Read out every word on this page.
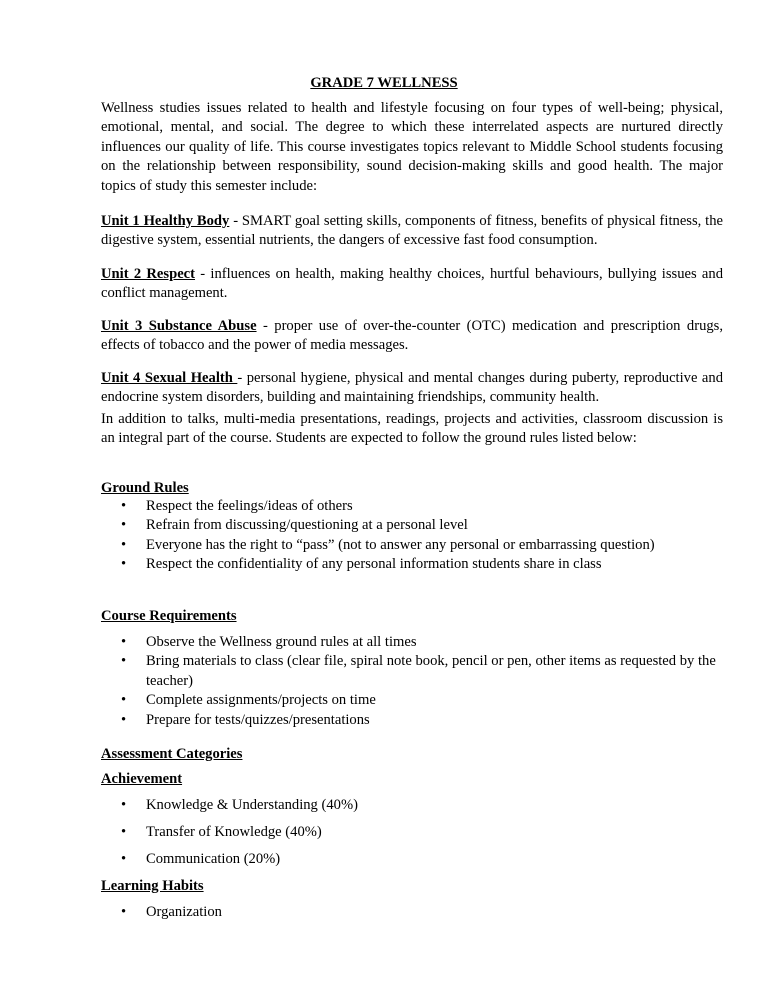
GRADE 7 WELLNESS

Wellness studies issues related to health and lifestyle focusing on four types of well-being; physical, emotional, mental, and social. The degree to which these interrelated aspects are nurtured directly influences our quality of life. This course investigates topics relevant to Middle School students focusing on the relationship between responsibility, sound decision-making skills and good health. The major topics of study this semester include:

Unit 1 Healthy Body - SMART goal setting skills, components of fitness, benefits of physical fitness, the digestive system, essential nutrients, the dangers of excessive fast food consumption.

Unit 2 Respect - influences on health, making healthy choices, hurtful behaviours, bullying issues and conflict management.

Unit 3 Substance Abuse - proper use of over-the-counter (OTC) medication and prescription drugs, effects of tobacco and the power of media messages.

Unit 4 Sexual Health - personal hygiene, physical and mental changes during puberty, reproductive and endocrine system disorders, building and maintaining friendships, community health.

In addition to talks, multi-media presentations, readings, projects and activities, classroom discussion is an integral part of the course. Students are expected to follow the ground rules listed below:

Ground Rules
• Respect the feelings/ideas of others
• Refrain from discussing/questioning at a personal level
• Everyone has the right to “pass” (not to answer any personal or embarrassing question)
• Respect the confidentiality of any personal information students share in class
Course Requirements
• Observe the Wellness ground rules at all times
• Bring materials to class (clear file, spiral note book, pencil or pen, other items as requested by the teacher)
• Complete assignments/projects on time
• Prepare for tests/quizzes/presentations
Assessment Categories
Achievement
• Knowledge & Understanding (40%)
• Transfer of Knowledge (40%)
• Communication (20%)
Learning Habits
• Organization
